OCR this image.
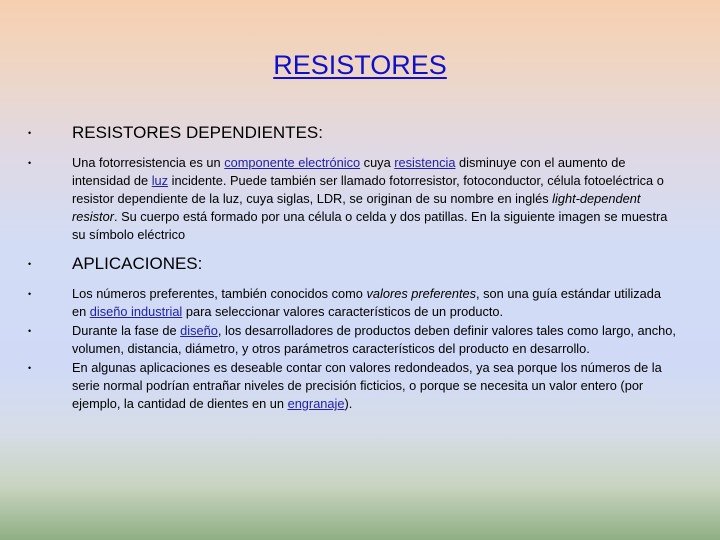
RESISTORES
• RESISTORES DEPENDIENTES:
•	Una fotorresistencia es un componente electrónico cuya resistencia disminuye con el aumento de intensidad de luz incidente. Puede también ser llamado fotorresistor, fotoconductor, célula fotoeléctrica o resistor dependiente de la luz, cuya siglas, LDR, se originan de su nombre en inglés light-dependent resistor. Su cuerpo está formado por una célula o celda y dos patillas. En la siguiente imagen se muestra su símbolo eléctrico
• APLICACIONES:
•	Los números preferentes, también conocidos como valores preferentes, son una guía estándar utilizada en diseño industrial para seleccionar valores característicos de un producto.
•	Durante la fase de diseño, los desarrolladores de productos deben definir valores tales como largo, ancho, volumen, distancia, diámetro, y otros parámetros característicos del producto en desarrollo.
•	En algunas aplicaciones es deseable contar con valores redondeados, ya sea porque los números de la serie normal podrían entrañar niveles de precisión ficticios, o porque se necesita un valor entero (por ejemplo, la cantidad de dientes en un engranaje).
